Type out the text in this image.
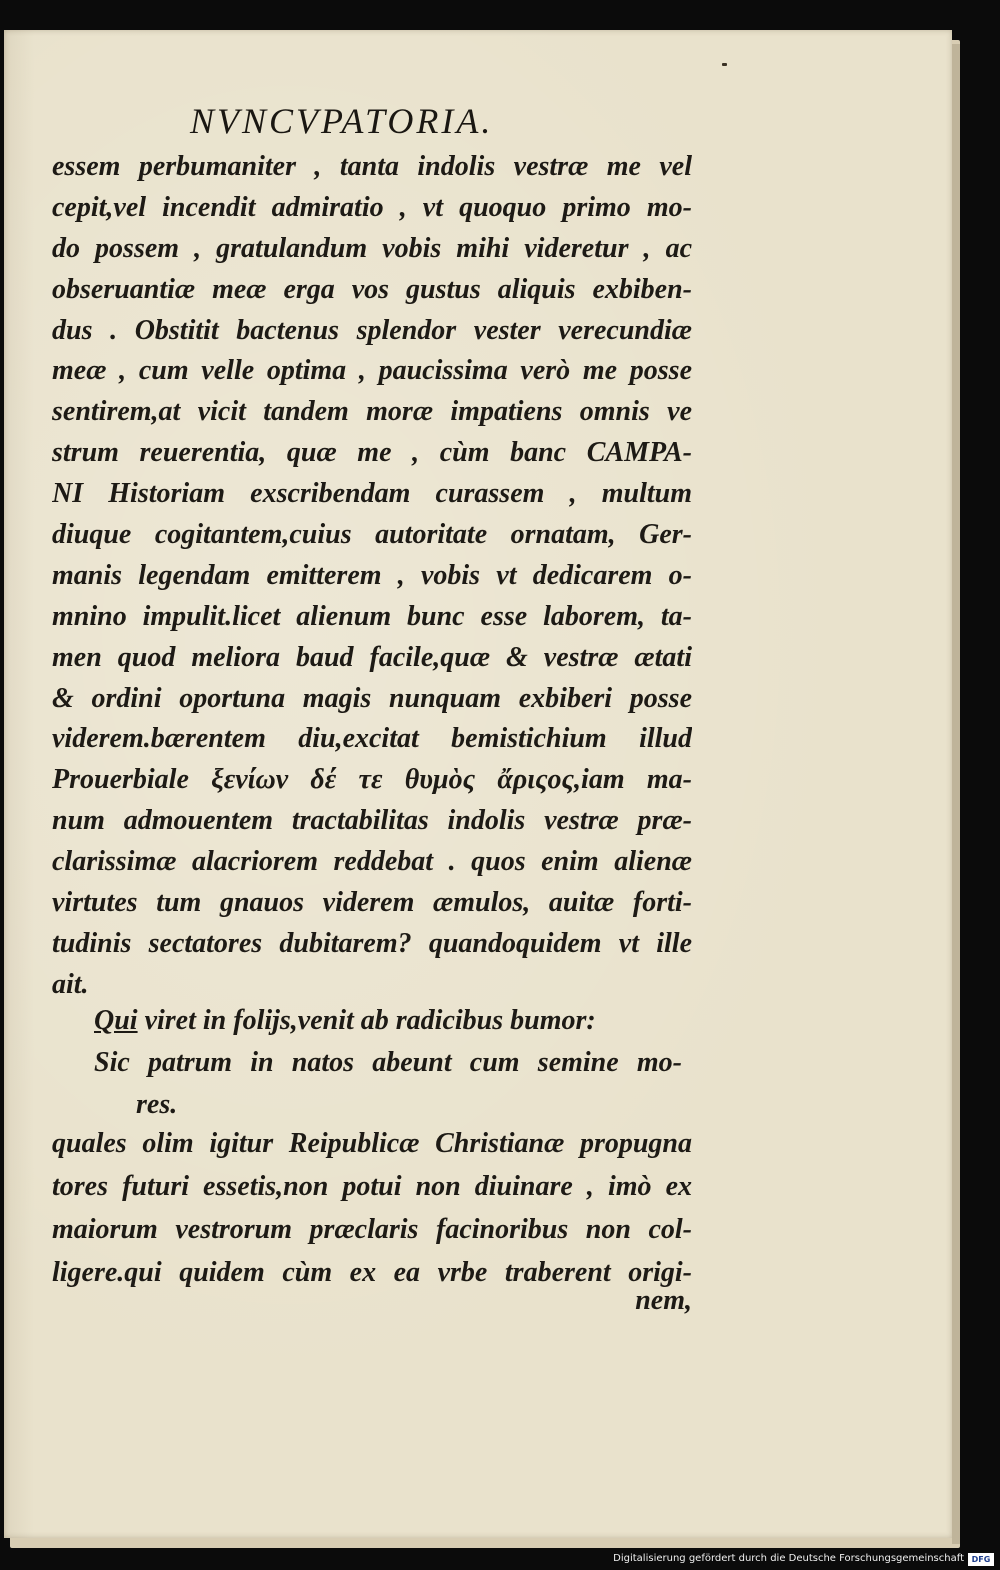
NVNCVPATORIA.
essem perbumaniter , tanta indolis vestræ me vel
cepit,vel incendit admiratio , vt quoquo primo mo-
do possem , gratulandum vobis mihi videretur , ac
obseruantiæ meæ erga vos gustus aliquis exbiben-
dus . Obstitit bactenus splendor vester verecundiæ
meæ , cum velle optima , paucissima verò me posse
sentirem,at vicit tandem moræ impatiens omnis ve
strum reuerentia, quæ me , cùm banc CAMPA-
NI Historiam exscribendam curassem , multum
diuque cogitantem,cuius autoritate ornatam, Ger-
manis legendam emitterem , vobis vt dedicarem o-
mnino impulit.licet alienum bunc esse laborem, ta-
men quod meliora baud facile,quæ & vestræ ætati
& ordini oportuna magis nunquam exbiberi posse
viderem.bærentem diu,excitat bemistichium illud
Prouerbiale ξενίων δέ τε θυμὸς ἄριςος,iam ma-
num admouentem tractabilitas indolis vestræ præ-
clarissimæ alacriorem reddebat . quos enim alienæ
virtutes tum gnauos viderem æmulos, auitæ forti-
tudinis sectatores dubitarem? quandoquidem vt ille
ait.
Qui viret in folijs,venit ab radicibus bumor:
Sic patrum in natos abeunt cum semine mo-
res.
quales olim igitur Reipublicæ Christianæ propugna
tores futuri essetis,non potui non diuinare , imò ex
maiorum vestrorum præclaris facinoribus non col-
ligere.qui quidem cùm ex ea vrbe traberent origi-
nem,
Digitalisierung gefördert durch die Deutsche Forschungsgemeinschaft DFG
